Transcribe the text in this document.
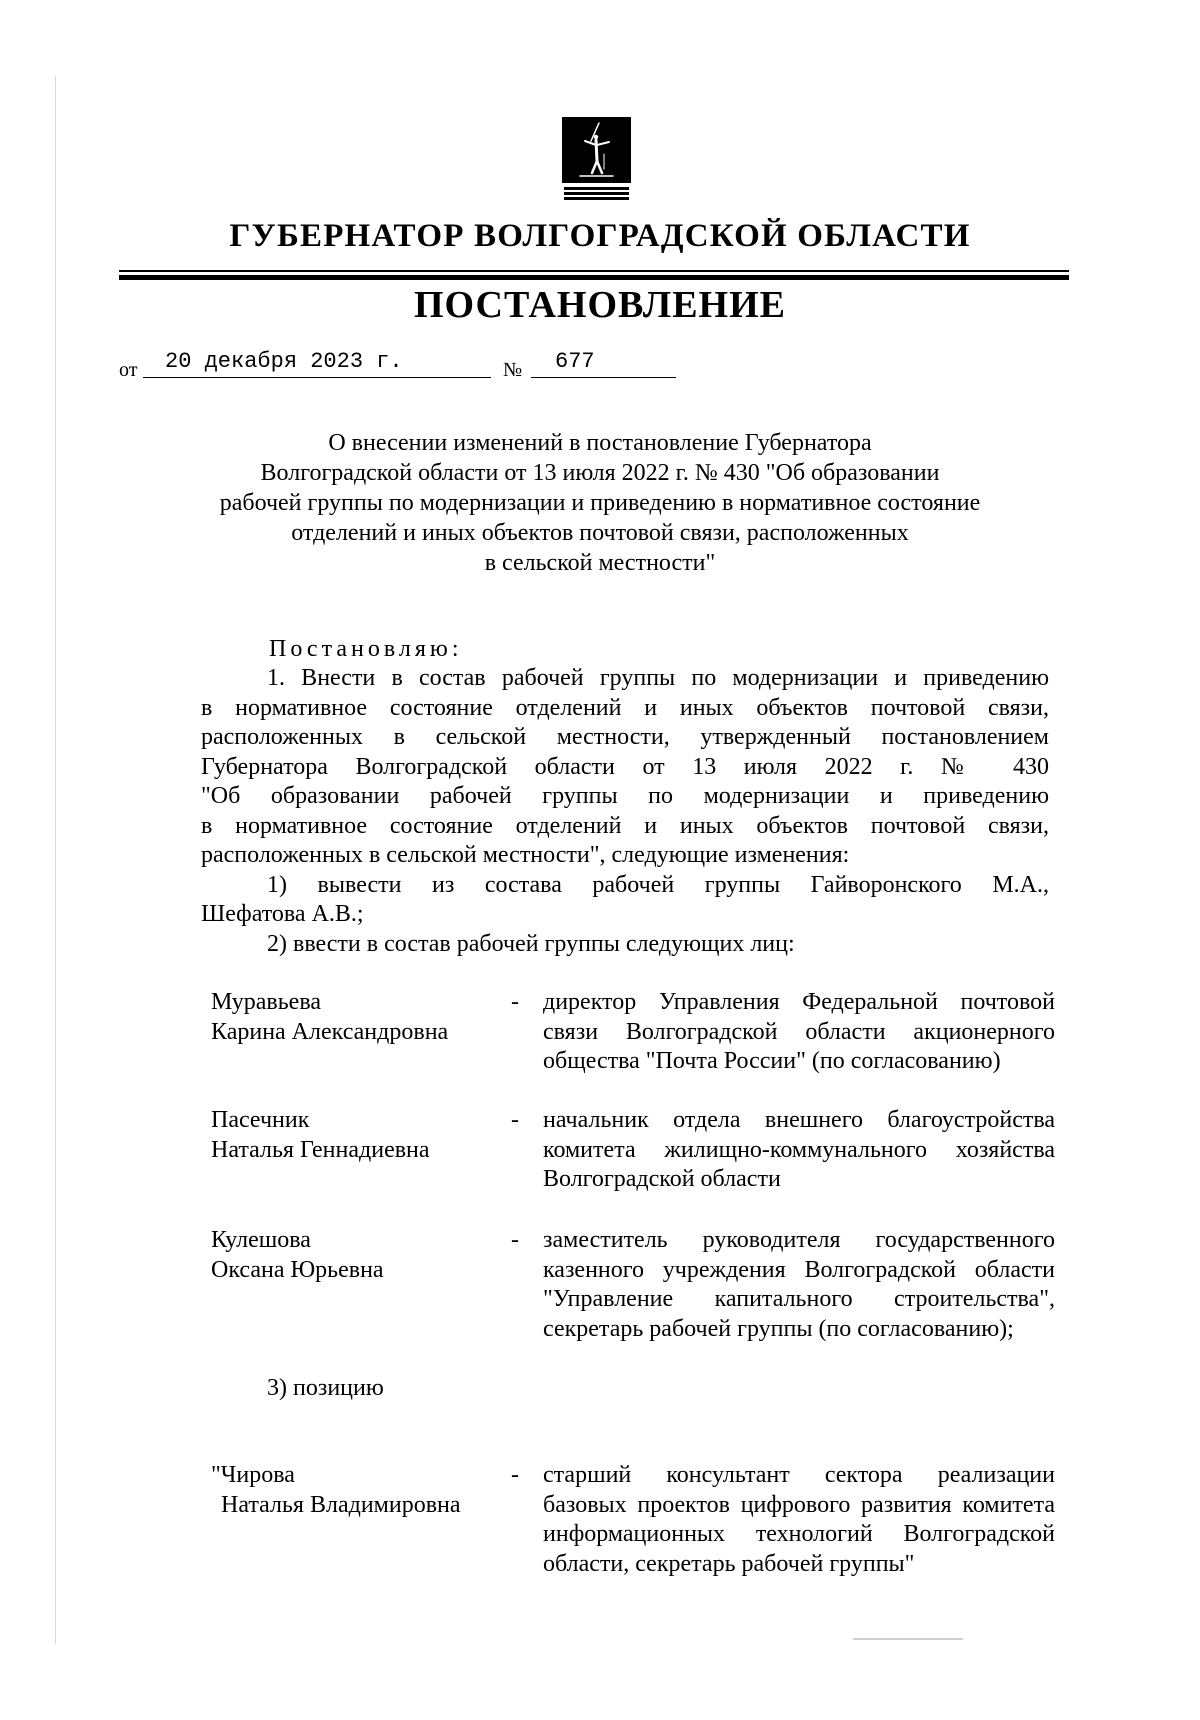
ГУБЕРНАТОР ВОЛГОГРАДСКОЙ ОБЛАСТИ
ПОСТАНОВЛЕНИЕ
от 20 декабря 2023 г.	№ 677
О внесении изменений в постановление Губернатора
Волгоградской области от 13 июля 2022 г. № 430 "Об образовании
рабочей группы по модернизации и приведению в нормативное состояние
отделений и иных объектов почтовой связи, расположенных
в сельской местности"
Постановляю:
1. Внести в состав рабочей группы по модернизации и приведению
в нормативное состояние отделений и иных объектов почтовой связи,
расположенных в сельской местности, утвержденный постановлением
Губернатора Волгоградской области от 13 июля 2022 г. № 430
"Об образовании рабочей группы по модернизации и приведению
в нормативное состояние отделений и иных объектов почтовой связи,
расположенных в сельской местности", следующие изменения:
1) вывести из состава рабочей группы Гайворонского М.А.,
Шефатова А.В.;
2) ввести в состав рабочей группы следующих лиц:
Муравьева
Карина Александровна
- директор Управления Федеральной почтовой
связи Волгоградской области акционерного
общества "Почта России" (по согласованию)
Пасечник
Наталья Геннадиевна
- начальник отдела внешнего благоустройства
комитета жилищно-коммунального хозяйства
Волгоградской области
Кулешова
Оксана Юрьевна
- заместитель руководителя государственного
казенного учреждения Волгоградской области
"Управление капитального строительства",
секретарь рабочей группы (по согласованию);
3) позицию
"Чирова
Наталья Владимировна
- старший консультант сектора реализации
базовых проектов цифрового развития комитета
информационных технологий Волгоградской
области, секретарь рабочей группы"
